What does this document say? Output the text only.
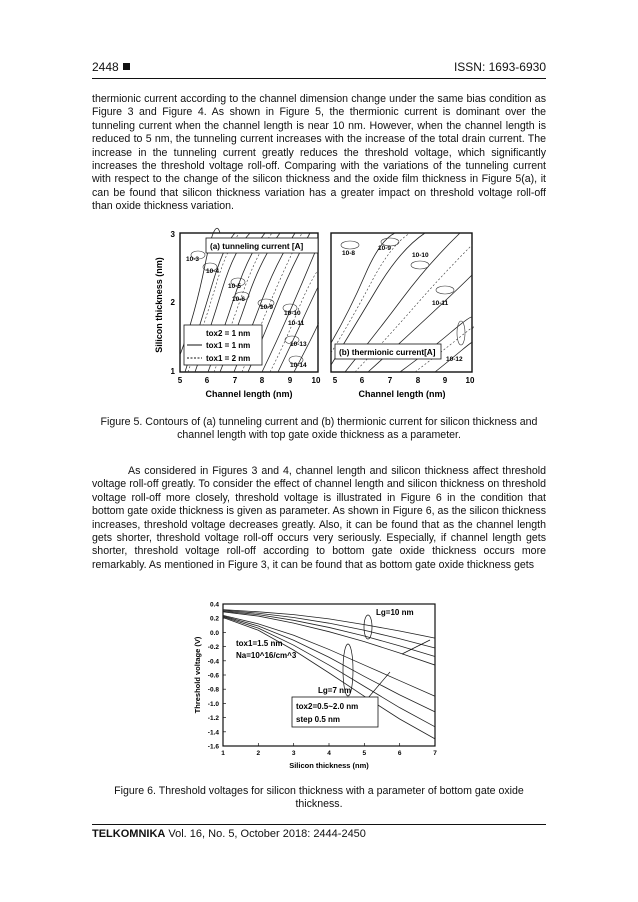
2448	ISSN: 1693-6930

thermionic current according to the channel dimension change under the same bias condition as Figure 3 and Figure 4. As shown in Figure 5, the thermionic current is dominant over the tunneling current when the channel length is near 10 nm. However, when the channel length is reduced to 5 nm, the tunneling current increases with the increase of the total drain current. The increase in the tunneling current greatly reduces the threshold voltage, which significantly increases the threshold voltage roll-off. Comparing with the variations of the tunneling current with respect to the change of the silicon thickness and the oxide film thickness in Figure 5(a), it can be found that silicon thickness variation has a greater impact on threshold voltage roll-off than oxide thickness variation.

Silicon thickness (nm)
1
2
3
(a) tunneling current [A]
10-3
10-4
10-5
10-6
10-9
10-10
10-11
10-13
10-14
tox2 = 1 nm
tox1 = 1 nm
tox1 = 2 nm
10-8
10-9
10-10
10-11
10-12
(b) thermionic current[A]
5	6	7	8	9 10 5	6	7	8	9 10
Channel length (nm)	Channel length (nm)

Figure 5. Contours of (a) tunneling current and (b) thermionic current for silicon thickness and channel length with top gate oxide thickness as a parameter.

As considered in Figures 3 and 4, channel length and silicon thickness affect threshold voltage roll-off greatly. To consider the effect of channel length and silicon thickness on threshold voltage roll-off more closely, threshold voltage is illustrated in Figure 6 in the condition that bottom gate oxide thickness is given as parameter. As shown in Figure 6, as the silicon thickness increases, threshold voltage decreases greatly. Also, it can be found that as the channel length gets shorter, threshold voltage roll-off occurs very seriously. Especially, if channel length gets shorter, threshold voltage roll-off according to bottom gate oxide thickness occurs more remarkably. As mentioned in Figure 3, it can be found that as bottom gate oxide thickness gets

0.4
0.2
0.0
-0.2
-0.4
-0.6
-0.8
-1.0
-1.2
-1.4
-1.6
1	2	3	4	5	6	7
Threshold voltage (V)
Silicon thickness (nm)
Lg=10 nm
Lg=7 nm
tox1=1.5 nm
Na=10^16/cm^3
tox2=0.5~2.0 nm
step 0.5 nm

Figure 6. Threshold voltages for silicon thickness with a parameter of bottom gate oxide thickness.

TELKOMNIKA Vol. 16, No. 5, October 2018: 2444-2450
